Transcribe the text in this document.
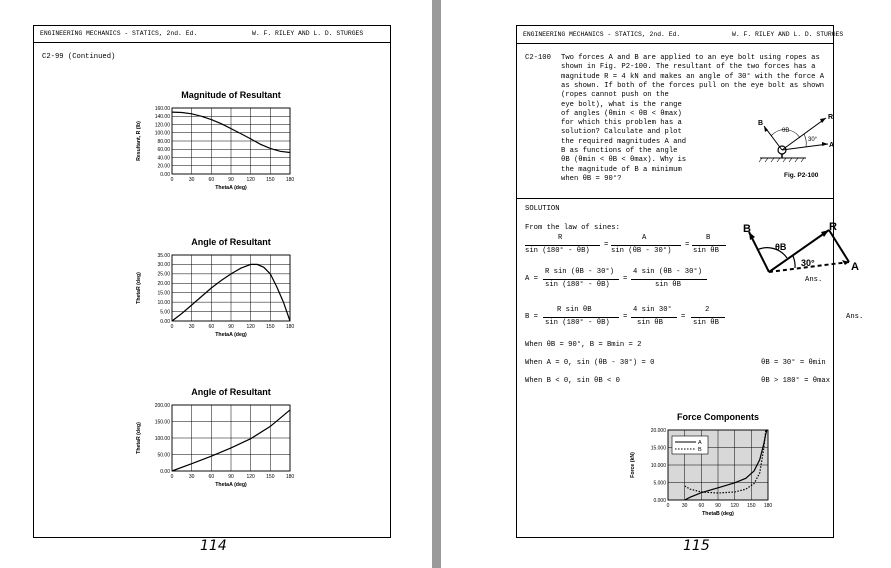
ENGINEERING MECHANICS - STATICS, 2nd. Ed.	W. F. RILEY AND L. D. STURGES
C2-99 (Continued)
Magnitude of Resultant
0.00
20.00
40.00
60.00
80.00
100.00
120.00
140.00
160.00
0	30	60	90	120 150 180
ThetaA (deg)
Resultant, R (lb)
Angle of Resultant
0.00
5.00
10.00
15.00
20.00
25.00
30.00
35.00
0	30	60	90	120 150 180
ThetaA (deg)
ThetaR (deg)
Angle of Resultant
0.00
50.00
100.00
150.00
200.00
0	30	60	90	120 150 180
ThetaA (deg)
ThetaR (deg)
114
ENGINEERING MECHANICS - STATICS, 2nd. Ed.	W. F. RILEY AND L. D. STURGES
C2-100 Two forces A and B are applied to an eye bolt using ropes as
shown in Fig. P2-100. The resultant of the two forces has a
magnitude R = 4 kN and makes an angle of 30° with the force A
as shown. If both of the forces pull on the eye bolt as shown
(ropes cannot push on the
eye bolt), what is the range
of angles (θmin < θB < θmax)
for which this problem has a
solution? Calculate and plot
the required magnitudes A and
B as functions of the angle
θB (θmin < θB < θmax). Why is
the magnitude of B a minimum
when θB = 90°?
B
R
A
θB
30°
Fig. P2-100
SOLUTION
From the law of sines:
R
sin (180° - θB)
=
A
sin (θB - 30°)
=
B
sin θB
A =
R sin (θB - 30°)
sin (180° - θB)
=
4 sin (θB - 30°)
sin θB
Ans.
B =
R sin θB
sin (180° - θB)
=
4 sin 30°
sin θB
=
2
sin θB
Ans.
When θB = 90°, B = Bmin = 2
When A = 0, sin (θB - 30°) = 0
When B < 0, sin θB < 0
θB = 30° = θmin
θB > 180° = θmax
B	R
A
θB
30°
Force Components
0.000
5.000
10.000
15.000
20.000
0 30 60 90 120 150 180
ThetaB (deg)
Force (kN)
A
B
115
